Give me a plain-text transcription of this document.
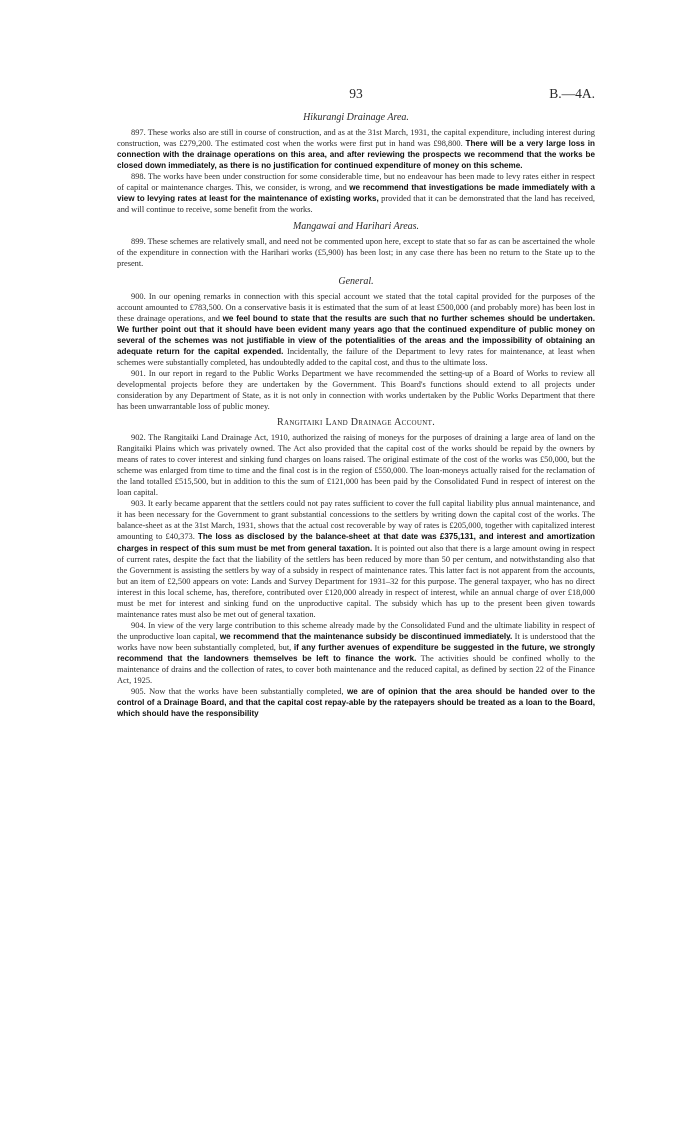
93	B.—4A.
Hikurangi Drainage Area.

897. These works also are still in course of construction, and as at the 31st March, 1931, the capital expenditure, including interest during construction, was £279,200. The estimated cost when the works were first put in hand was £98,800. There will be a very large loss in connection with the drainage operations on this area, and after reviewing the prospects we recommend that the works be closed down immediately, as there is no justification for continued expenditure of money on this scheme.

898. The works have been under construction for some considerable time, but no endeavour has been made to levy rates either in respect of capital or maintenance charges. This, we consider, is wrong, and we recommend that investigations be made immediately with a view to levying rates at least for the maintenance of existing works, provided that it can be demonstrated that the land has received, and will continue to receive, some benefit from the works.

Mangawai and Harihari Areas.

899. These schemes are relatively small, and need not be commented upon here, except to state that so far as can be ascertained the whole of the expenditure in connection with the Harihari works (£5,900) has been lost; in any case there has been no return to the State up to the present.

General.

900. In our opening remarks in connection with this special account we stated that the total capital provided for the purposes of the account amounted to £783,500. On a conservative basis it is estimated that the sum of at least £500,000 (and probably more) has been lost in these drainage operations, and we feel bound to state that the results are such that no further schemes should be undertaken. We further point out that it should have been evident many years ago that the continued expenditure of public money on several of the schemes was not justifiable in view of the potentialities of the areas and the impossibility of obtaining an adequate return for the capital expended. Incidentally, the failure of the Department to levy rates for maintenance, at least when schemes were substantially completed, has undoubtedly added to the capital cost, and thus to the ultimate loss.

901. In our report in regard to the Public Works Department we have recommended the setting-up of a Board of Works to review all developmental projects before they are undertaken by the Government. This Board's functions should extend to all projects under consideration by any Department of State, as it is not only in connection with works undertaken by the Public Works Department that there has been unwarrantable loss of public money.

Rangitaiki Land Drainage Account.

902. The Rangitaiki Land Drainage Act, 1910, authorized the raising of moneys for the purposes of draining a large area of land on the Rangitaiki Plains which was privately owned. The Act also provided that the capital cost of the works should be repaid by the owners by means of rates to cover interest and sinking fund charges on loans raised. The original estimate of the cost of the works was £50,000, but the scheme was enlarged from time to time and the final cost is in the region of £550,000. The loan-moneys actually raised for the reclamation of the land totalled £515,500, but in addition to this the sum of £121,000 has been paid by the Consolidated Fund in respect of interest on the loan capital.

903. It early became apparent that the settlers could not pay rates sufficient to cover the full capital liability plus annual maintenance, and it has been necessary for the Government to grant substantial concessions to the settlers by writing down the capital cost of the works. The balance-sheet as at the 31st March, 1931, shows that the actual cost recoverable by way of rates is £205,000, together with capitalized interest amounting to £40,373. The loss as disclosed by the balance-sheet at that date was £375,131, and interest and amortization charges in respect of this sum must be met from general taxation. It is pointed out also that there is a large amount owing in respect of current rates, despite the fact that the liability of the settlers has been reduced by more than 50 per centum, and notwithstanding also that the Government is assisting the settlers by way of a subsidy in respect of maintenance rates. This latter fact is not apparent from the accounts, but an item of £2,500 appears on vote: Lands and Survey Department for 1931–32 for this purpose. The general taxpayer, who has no direct interest in this local scheme, has, therefore, contributed over £120,000 already in respect of interest, while an annual charge of over £18,000 must be met for interest and sinking fund on the unproductive capital. The subsidy which has up to the present been given towards maintenance rates must also be met out of general taxation.

904. In view of the very large contribution to this scheme already made by the Consolidated Fund and the ultimate liability in respect of the unproductive loan capital, we recommend that the maintenance subsidy be discontinued immediately. It is understood that the works have now been substantially completed, but, if any further avenues of expenditure be suggested in the future, we strongly recommend that the landowners themselves be left to finance the work. The activities should be confined wholly to the maintenance of drains and the collection of rates, to cover both maintenance and the reduced capital, as defined by section 22 of the Finance Act, 1925.

905. Now that the works have been substantially completed, we are of opinion that the area should be handed over to the control of a Drainage Board, and that the capital cost repay-able by the ratepayers should be treated as a loan to the Board, which should have the responsibility
